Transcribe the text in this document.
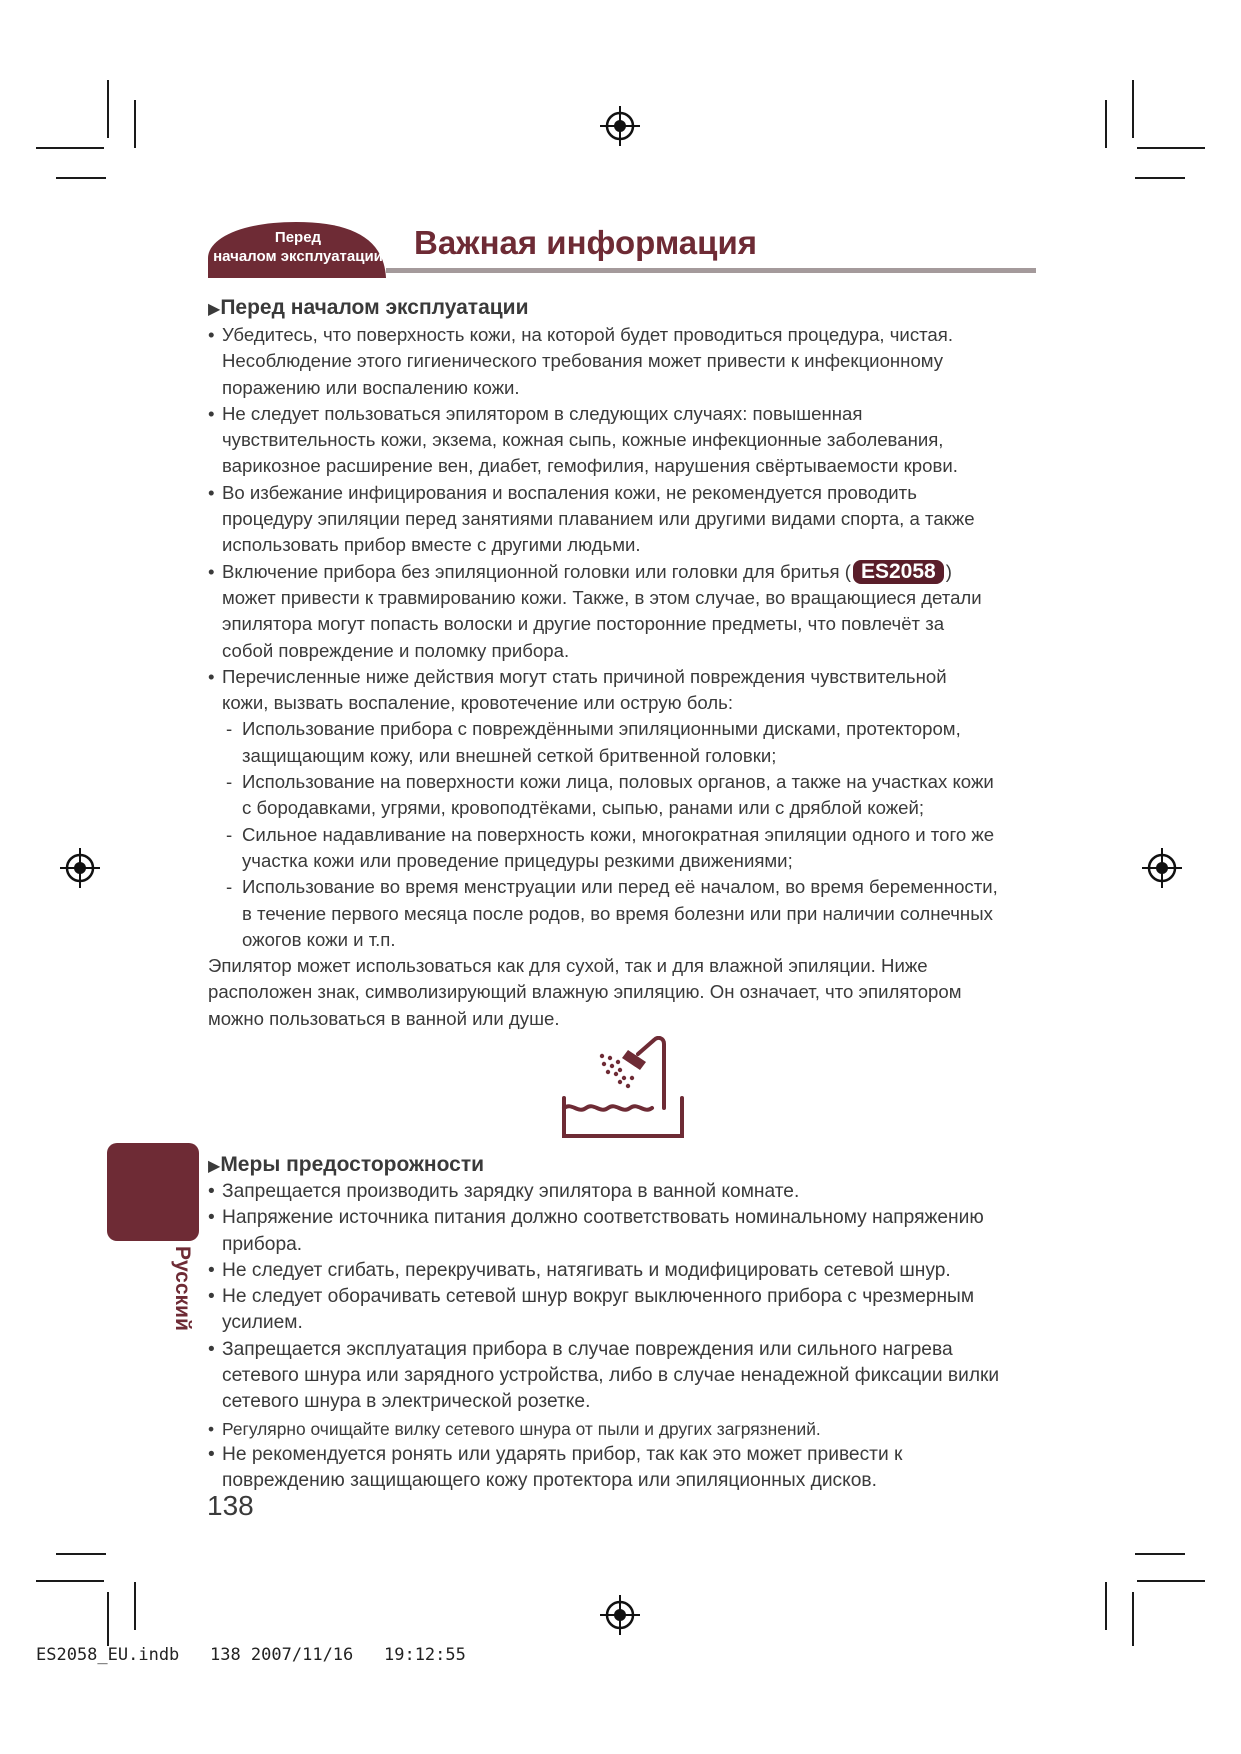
Перед
началом эксплуатации Важная информация
▶Перед началом эксплуатации
• Убедитесь, что поверхность кожи, на которой будет проводиться процедура, чистая.
Несоблюдение этого гигиенического требования может привести к инфекционному
поражению или воспалению кожи.
• Не следует пользоваться эпилятором в следующих случаях: повышенная
чувствительность кожи, экзема, кожная сыпь, кожные инфекционные заболевания,
варикозное расширение вен, диабет, гемофилия, нарушения свёртываемости крови.
• Во избежание инфицирования и воспаления кожи, не рекомендуется проводить
процедуру эпиляции перед занятиями плаванием или другими видами спорта, а также
использовать прибор вместе с другими людьми.
• Включение прибора без эпиляционной головки или головки для бритья ( ES2058 )
может привести к травмированию кожи. Также, в этом случае, во вращающиеся детали
эпилятора могут попасть волоски и другие посторонние предметы, что повлечёт за
собой повреждение и поломку прибора.
• Перечисленные ниже действия могут стать причиной повреждения чувствительной
кожи, вызвать воспаление, кровотечение или острую боль:
- Использование прибора с повреждёнными эпиляционными дисками, протектором,
защищающим кожу, или внешней сеткой бритвенной головки;
- Использование на поверхности кожи лица, половых органов, а также на участках кожи
с бородавками, угрями, кровоподтёками, сыпью, ранами или с дряблой кожей;
- Сильное надавливание на поверхность кожи, многократная эпиляции одного и того же
участка кожи или проведение прицедуры резкими движениями;
- Использование во время менструации или перед её началом, во время беременности,
в течение первого месяца после родов, во время болезни или при наличии солнечных
ожогов кожи и т.п.
Эпилятор может использоваться как для сухой, так и для влажной эпиляции. Ниже
расположен знак, символизирующий влажную эпиляцию. Он означает, что эпилятором
можно пользоваться в ванной или душе.
Русский
▶Меры предосторожности
• Запрещается производить зарядку эпилятора в ванной комнате.
• Напряжение источника питания должно соответствовать номинальному напряжению
прибора.
• Не следует сгибать, перекручивать, натягивать и модифицировать сетевой шнур.
• Не следует оборачивать сетевой шнур вокруг выключенного прибора с чрезмерным
усилием.
• Запрещается эксплуатация прибора в случае повреждения или сильного нагрева
сетевого шнура или зарядного устройства, либо в случае ненадежной фиксации вилки
сетевого шнура в электрической розетке.
• Регулярно очищайте вилку сетевого шнура от пыли и других загрязнений.
• Не рекомендуется ронять или ударять прибор, так как это может привести к
повреждению защищающего кожу протектора или эпиляционных дисков.
138
ES2058_EU.indb   138 2007/11/16   19:12:55
